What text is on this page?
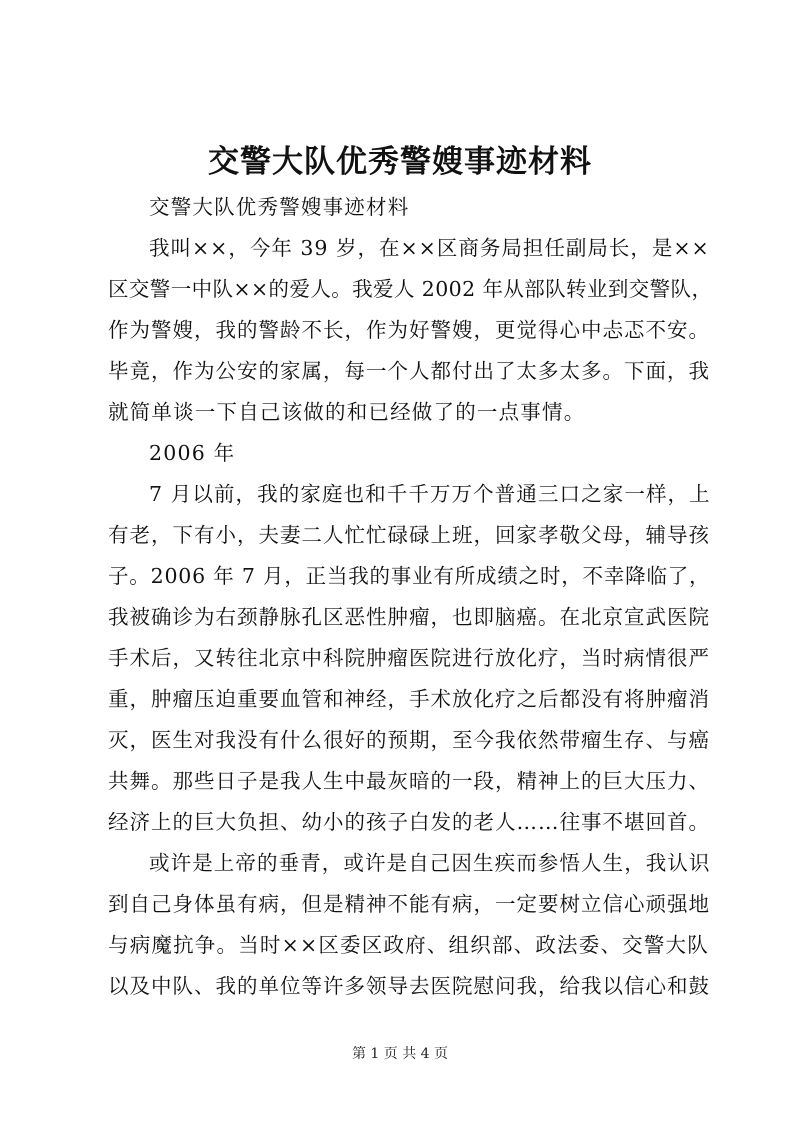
交警大队优秀警嫂事迹材料

交警大队优秀警嫂事迹材料

我叫××，今年 39 岁，在××区商务局担任副局长，是××

区交警一中队××的爱人。我爱人 2002 年从部队转业到交警队，

作为警嫂，我的警龄不长，作为好警嫂，更觉得心中忐忑不安。

毕竟，作为公安的家属，每一个人都付出了太多太多。下面，我

就简单谈一下自己该做的和已经做了的一点事情。

2006 年

7 月以前，我的家庭也和千千万万个普通三口之家一样，上

有老，下有小，夫妻二人忙忙碌碌上班，回家孝敬父母，辅导孩

子。2006 年 7 月，正当我的事业有所成绩之时，不幸降临了，

我被确诊为右颈静脉孔区恶性肿瘤，也即脑癌。在北京宣武医院

手术后，又转往北京中科院肿瘤医院进行放化疗，当时病情很严

重，肿瘤压迫重要血管和神经，手术放化疗之后都没有将肿瘤消

灭，医生对我没有什么很好的预期，至今我依然带瘤生存、与癌

共舞。那些日子是我人生中最灰暗的一段，精神上的巨大压力、

经济上的巨大负担、幼小的孩子白发的老人……往事不堪回首。

或许是上帝的垂青，或许是自己因生疾而参悟人生，我认识

到自己身体虽有病，但是精神不能有病，一定要树立信心顽强地

与病魔抗争。当时××区委区政府、组织部、政法委、交警大队

以及中队、我的单位等许多领导去医院慰问我，给我以信心和鼓

第 1 页 共 4 页
